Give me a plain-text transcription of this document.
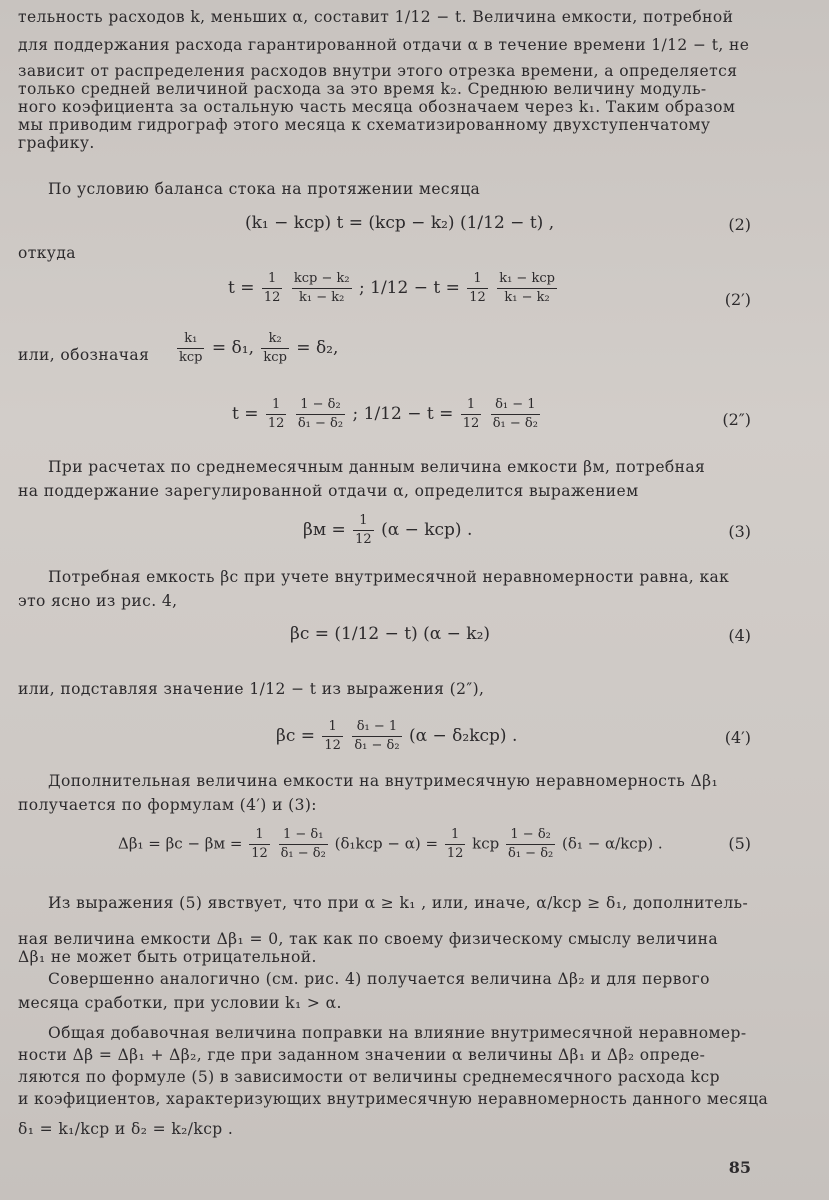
тельность расходов k, меньших α, составит 1/12 − t. Величина емкости, потребной
для поддержания расхода гарантированной отдачи α в течение времени 1/12 − t, не
зависит от распределения расходов внутри этого отрезка времени, а определяется
только средней величиной расхода за это время k₂. Среднюю величину модуль-
ного коэфициента за остальную часть месяца обозначаем через k₁. Таким образом
мы приводим гидрограф этого месяца к схематизированному двухступенчатому
графику.
По условию баланса стока на протяжении месяца
(k₁ − kср) t = (kср − k₂) (1/12 − t) ,	(2)
откуда
$t = \frac{1}{12}$
$\frac{\text{kср − k₂}}{\text{k₁ − k₂}}$ ; $1/12 - t = \frac{1}{12}$
$\frac{\text{k₁ − kср}}{\text{k₁ − k₂}}$	(2′)
или, обозначая	$\frac{\text{k₁}}{\text{kср}} = \delta_1$, $\frac{\text{k₂}}{\text{kср}} = \delta_2$,
$t = \frac{1}{12}$
$\frac{\text{1 − δ₂}}{\text{δ₁ − δ₂}}$ ; $1/12 - t = \frac{1}{12}$
$\frac{\text{δ₁ − 1}}{\text{δ₁ − δ₂}}$	(2″)
При расчетах по среднемесячным данным величина емкости βм, потребная
на поддержание зарегулированной отдачи α, определится выражением
$\beta м = \frac{1}{12} (\alpha - kср)$ .	(3)
Потребная емкость βс при учете внутримесячной неравномерности равна, как
это ясно из рис. 4,
βс = (1/12 − t) (α − k₂)	(4)
или, подставляя значение 1/12 − t из выражения (2″),
$\beta с = \frac{1}{12}$
$\frac{\text{δ₁ − 1}}{\text{δ₁ − δ₂}} (\alpha - \delta_2kср)$ .	(4′)
Дополнительная величина емкости на внутримесячную неравномерность Δβ₁
получается по формулам (4′) и (3):
$\Delta\beta_1 = \beta с - \beta м = \frac{1}{12}$
$\frac{\text{1 − δ₁}}{\text{δ₁ − δ₂}} (\delta_1kср - \alpha) = \frac{1}{12}$ kср $\frac{\text{1 − δ₂}}{\text{δ₁ − δ₂}} (\delta_1 - \alpha/kср)$ .	(5)
Из выражения (5) явствует, что при α ≥ k₁ , или, иначе, α/kср ≥ δ₁, дополнитель-
ная величина емкости Δβ₁ = 0, так как по своему физическому смыслу величина
Δβ₁ не может быть отрицательной.
Совершенно аналогично (см. рис. 4) получается величина Δβ₂ и для первого
месяца сработки, при условии k₁ > α.
Общая добавочная величина поправки на влияние внутримесячной неравномер-
ности Δβ = Δβ₁ + Δβ₂, где при заданном значении α величины Δβ₁ и Δβ₂ опреде-
ляются по формуле (5) в зависимости от величины среднемесячного расхода kср
и коэфициентов, характеризующих внутримесячную неравномерность данного месяца
δ₁ = k₁/kср и δ₂ = k₂/kср .
85
